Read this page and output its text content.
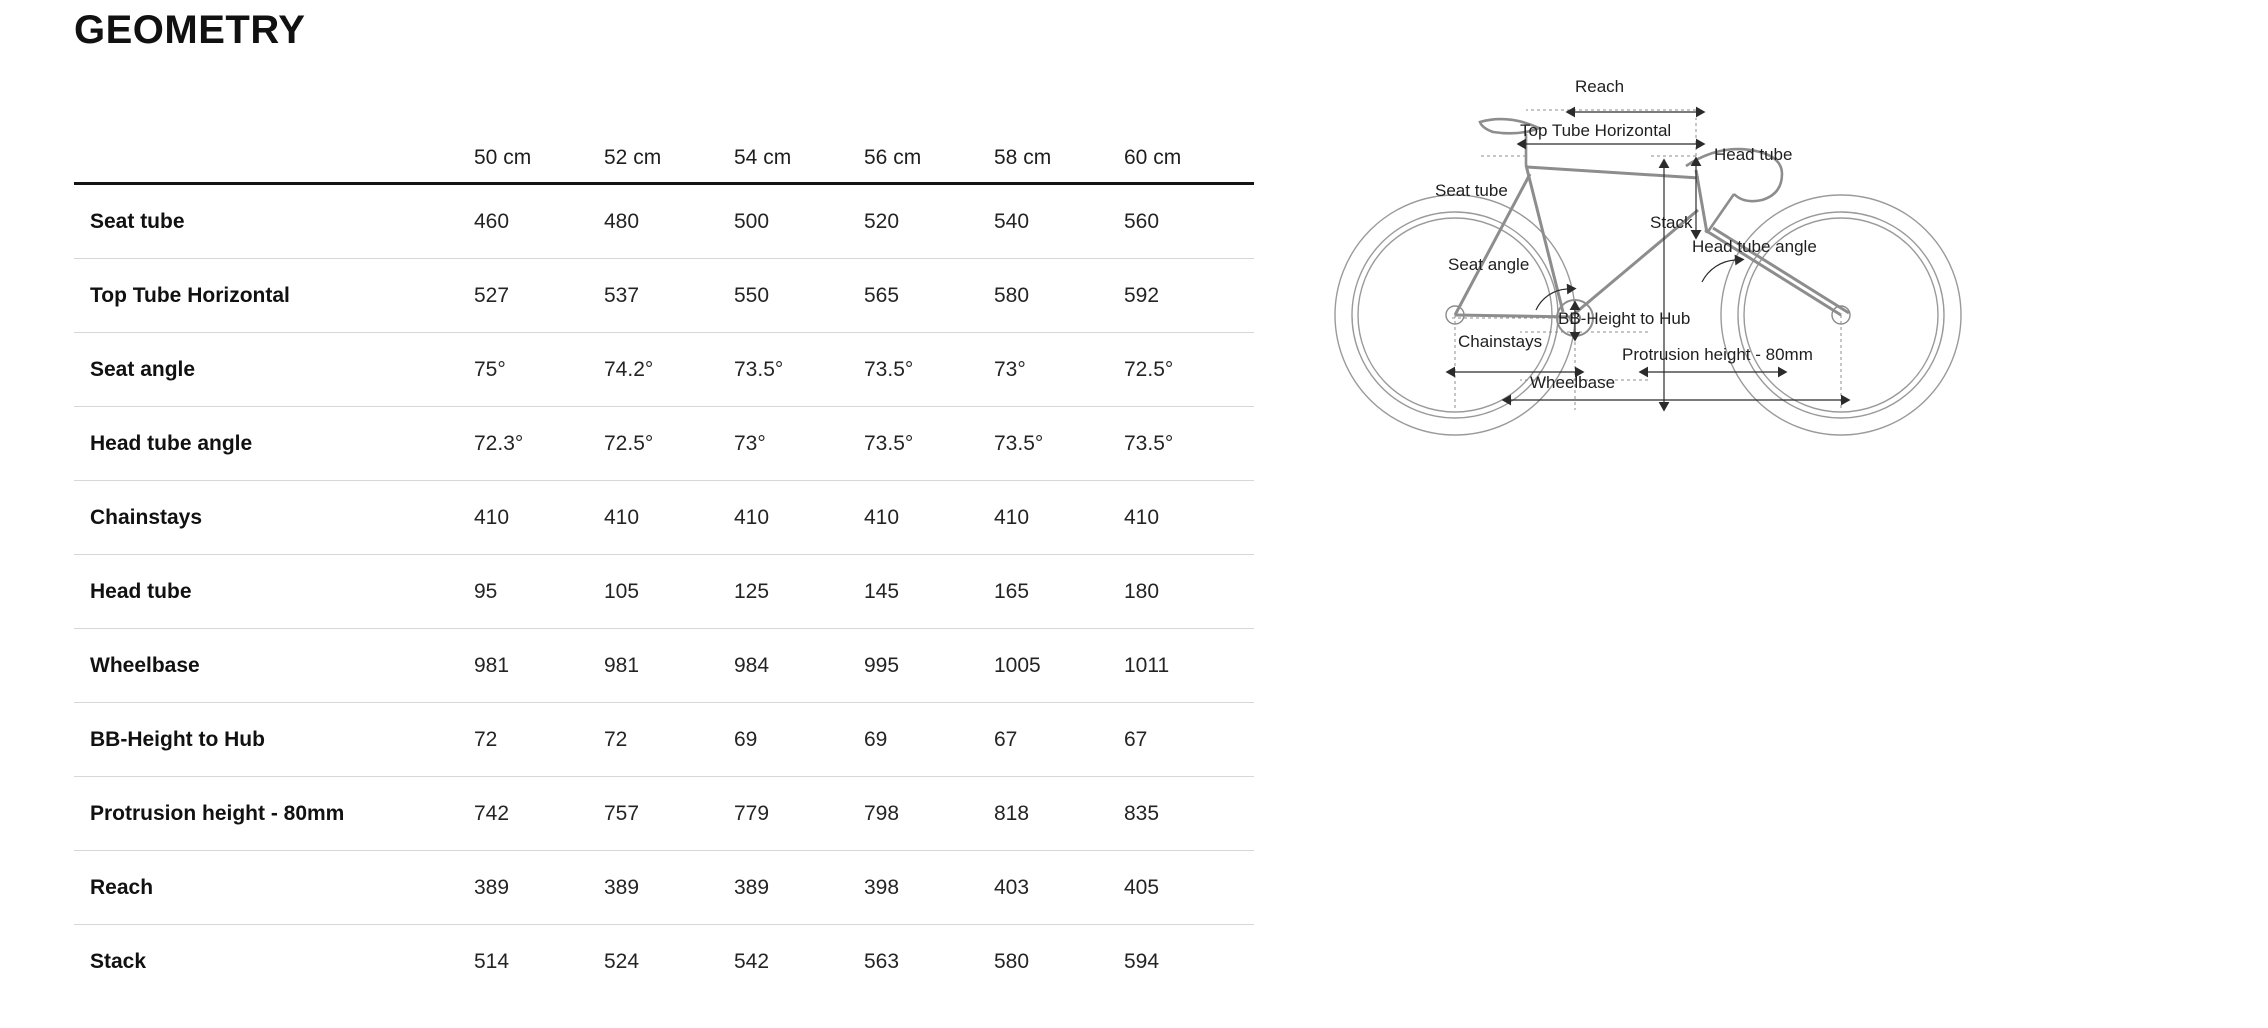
GEOMETRY
	50 cm	52 cm	54 cm	56 cm	58 cm	60 cm
Seat tube	460	480	500	520	540	560
Top Tube Horizontal	527	537	550	565	580	592
Seat angle	75°	74.2°	73.5°	73.5°	73°	72.5°
Head tube angle	72.3°	72.5°	73°	73.5°	73.5°	73.5°
Chainstays	410	410	410	410	410	410
Head tube	95	105	125	145	165	180
Wheelbase	981	981	984	995	1005	1011
BB-Height to Hub	72	72	69	69	67	67
Protrusion height - 80mm	742	757	779	798	818	835
Reach	389	389	389	398	403	405
Stack	514	524	542	563	580	594
Reach
Top Tube Horizontal
Head tube
Seat tube
Stack
Head tube angle
Seat angle
BB-Height to Hub
Chainstays
Protrusion height - 80mm
Wheelbase
